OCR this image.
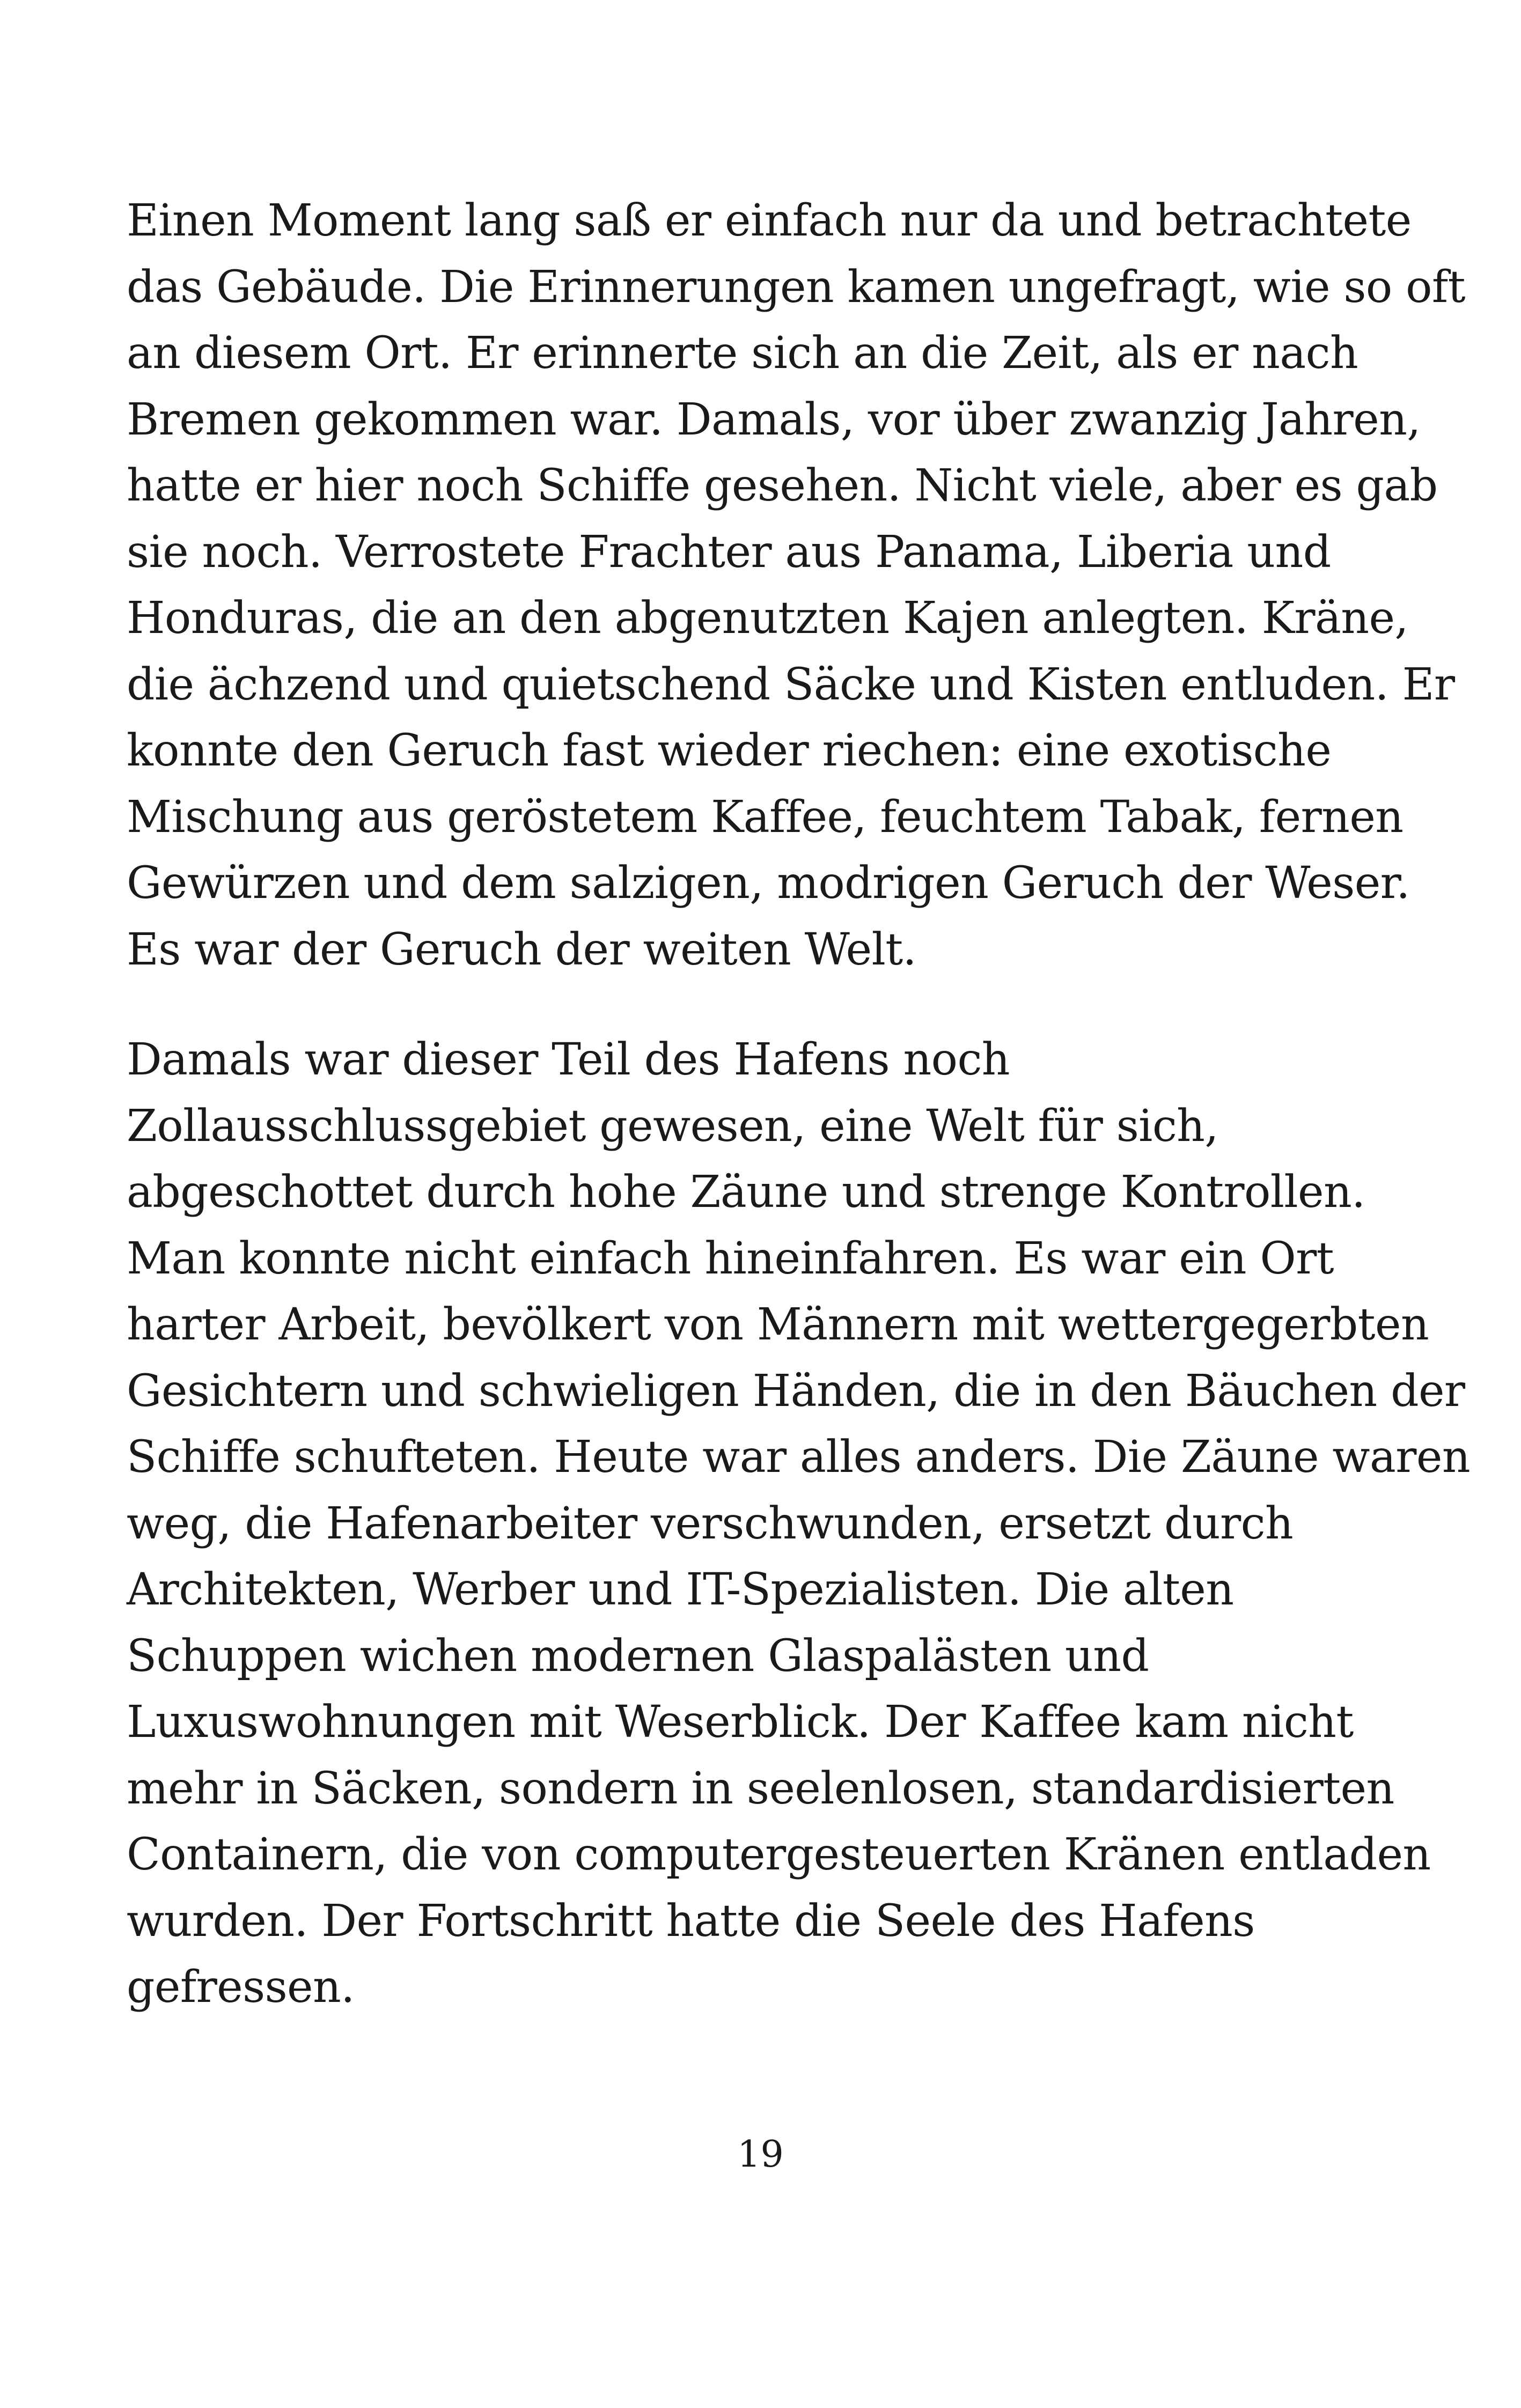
Einen Moment lang saß er einfach nur da und betrachtete
das Gebäude. Die Erinnerungen kamen ungefragt, wie so oft
an diesem Ort. Er erinnerte sich an die Zeit, als er nach
Bremen gekommen war. Damals, vor über zwanzig Jahren,
hatte er hier noch Schiffe gesehen. Nicht viele, aber es gab
sie noch. Verrostete Frachter aus Panama, Liberia und
Honduras, die an den abgenutzten Kajen anlegten. Kräne,
die ächzend und quietschend Säcke und Kisten entluden. Er
konnte den Geruch fast wieder riechen: eine exotische
Mischung aus geröstetem Kaffee, feuchtem Tabak, fernen
Gewürzen und dem salzigen, modrigen Geruch der Weser.
Es war der Geruch der weiten Welt.
Damals war dieser Teil des Hafens noch
Zollausschlussgebiet gewesen, eine Welt für sich,
abgeschottet durch hohe Zäune und strenge Kontrollen.
Man konnte nicht einfach hineinfahren. Es war ein Ort
harter Arbeit, bevölkert von Männern mit wettergegerbten
Gesichtern und schwieligen Händen, die in den Bäuchen der
Schiffe schufteten. Heute war alles anders. Die Zäune waren
weg, die Hafenarbeiter verschwunden, ersetzt durch
Architekten, Werber und IT-Spezialisten. Die alten
Schuppen wichen modernen Glaspalästen und
Luxuswohnungen mit Weserblick. Der Kaffee kam nicht
mehr in Säcken, sondern in seelenlosen, standardisierten
Containern, die von computergesteuerten Kränen entladen
wurden. Der Fortschritt hatte die Seele des Hafens
gefressen.
19
